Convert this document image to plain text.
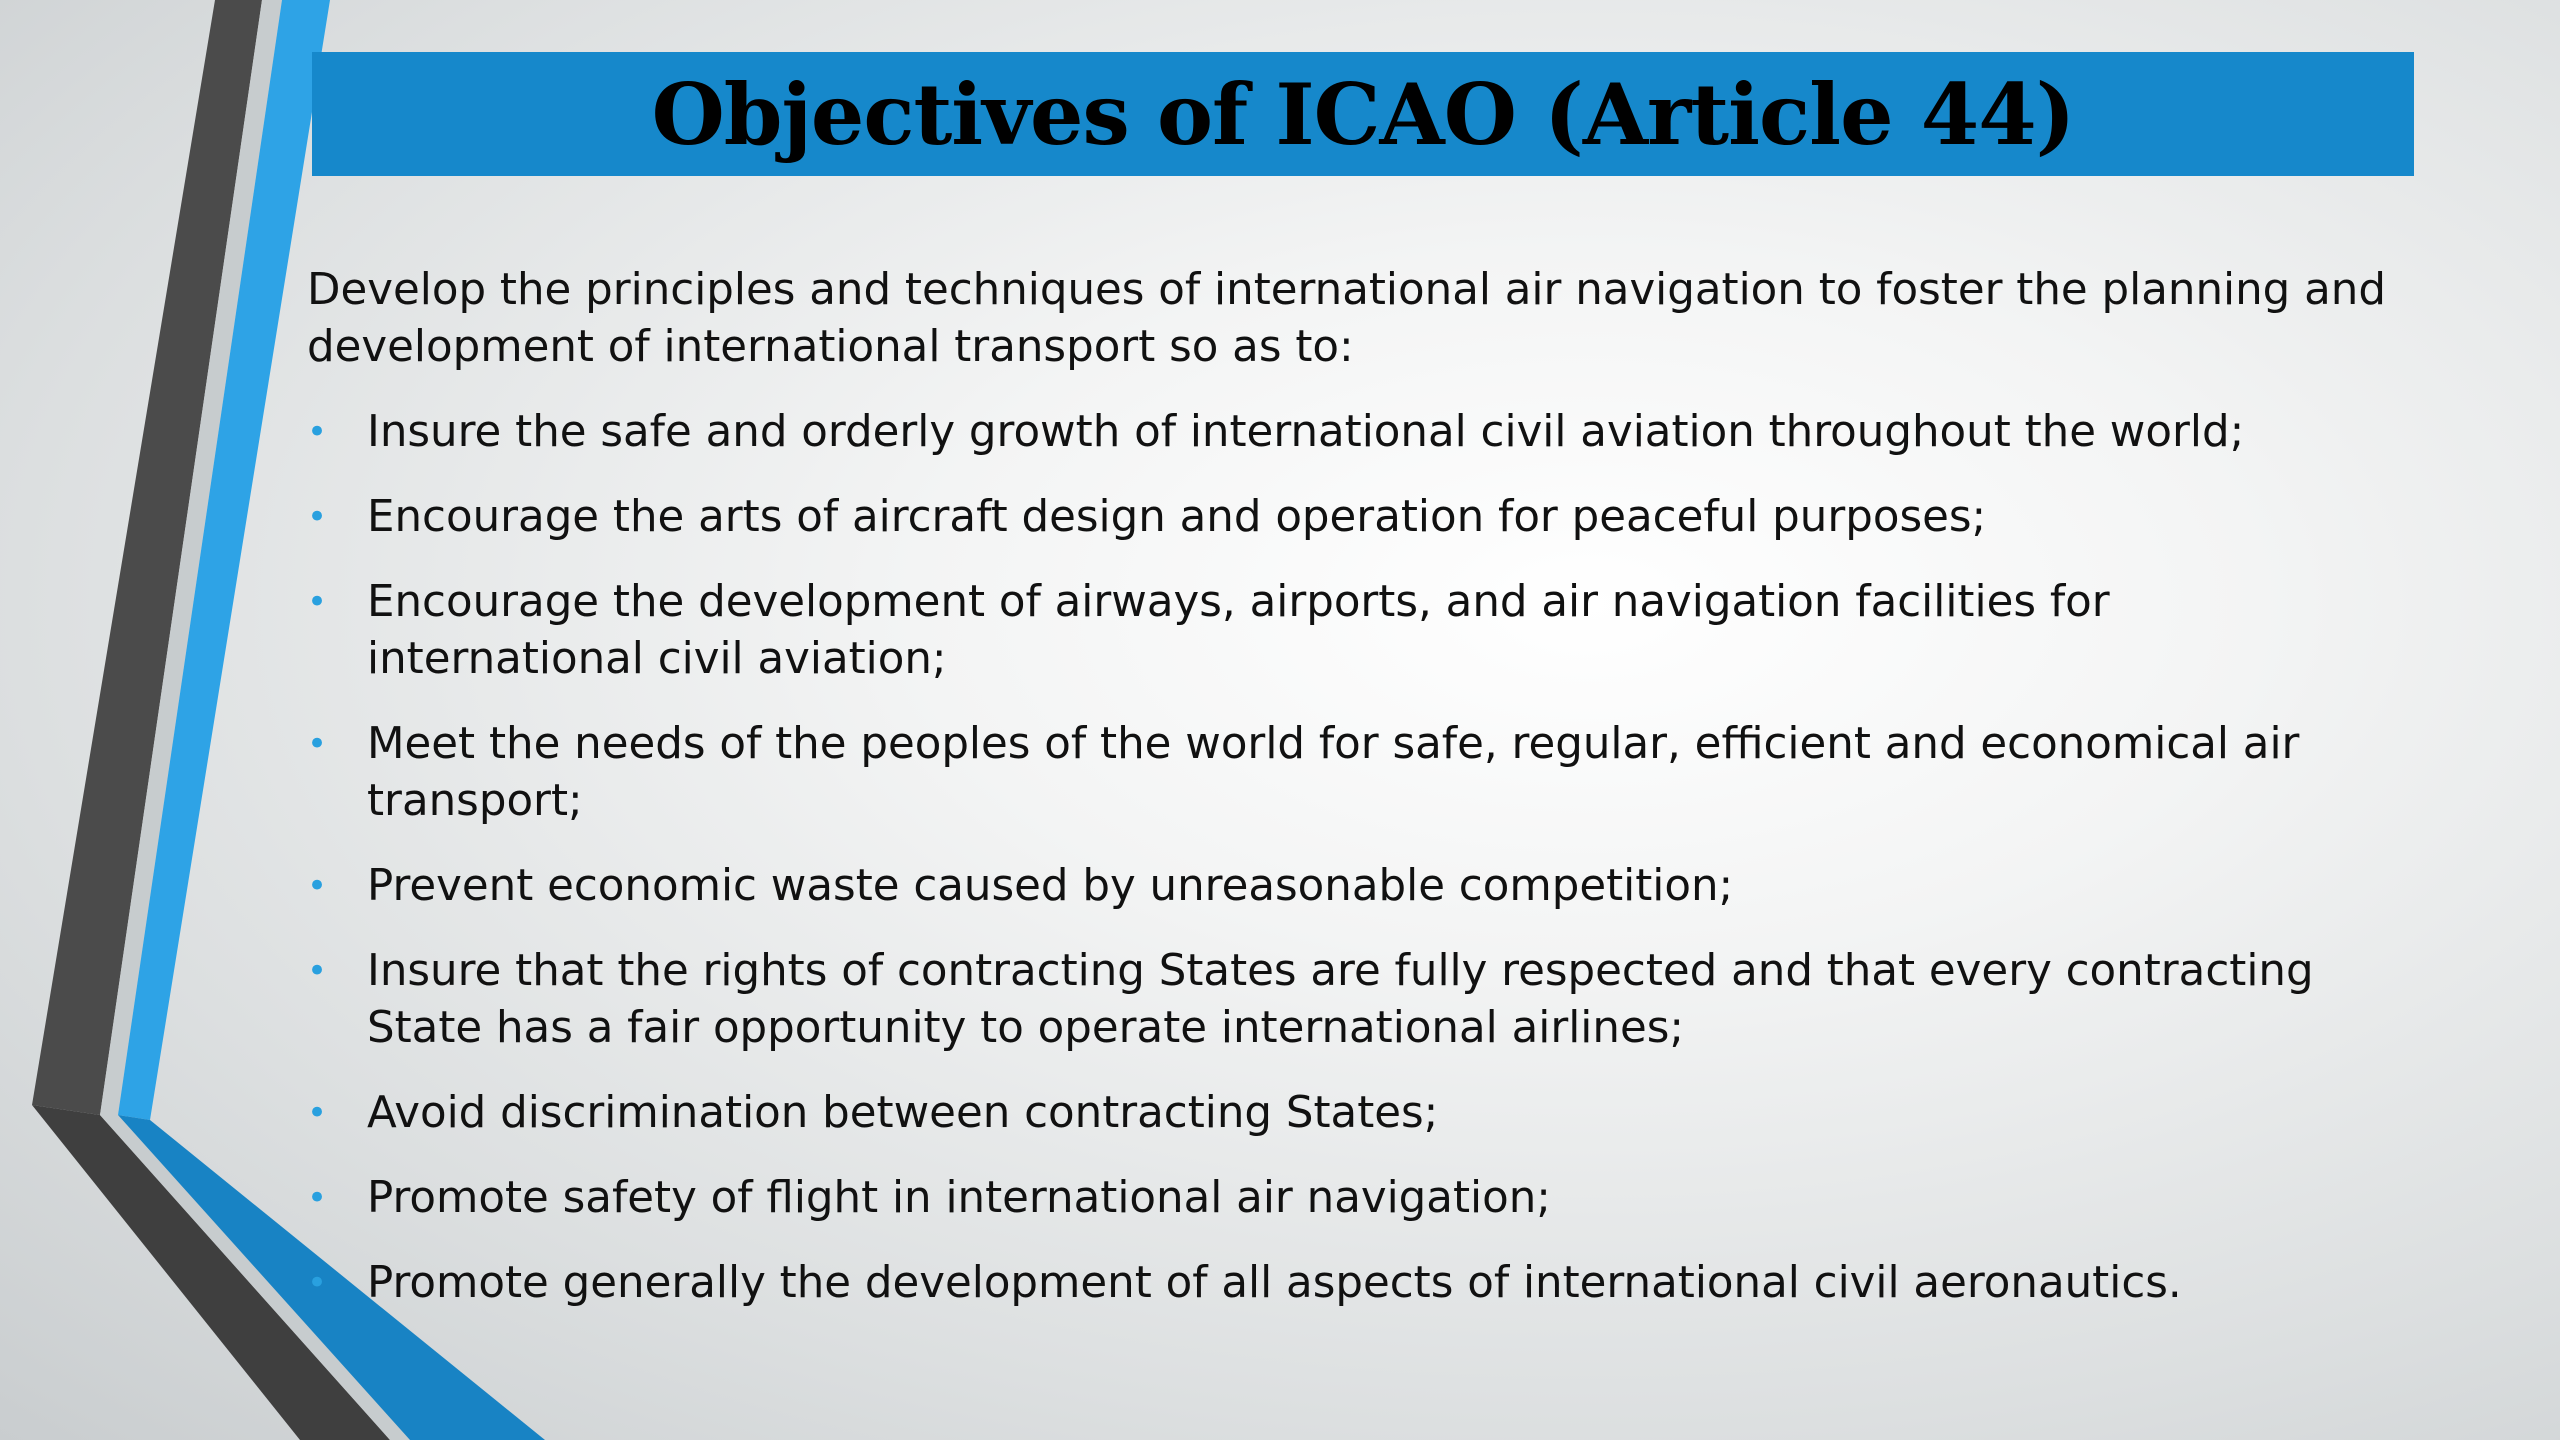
Objectives of ICAO (Article 44)

Develop the principles and techniques of international air navigation to foster the planning and development of international transport so as to:

• Insure the safe and orderly growth of international civil aviation throughout the world;
• Encourage the arts of aircraft design and operation for peaceful purposes;
• Encourage the development of airways, airports, and air navigation facilities for international civil aviation;
• Meet the needs of the peoples of the world for safe, regular, efficient and economical air transport;
• Prevent economic waste caused by unreasonable competition;
• Insure that the rights of contracting States are fully respected and that every contracting State has a fair opportunity to operate international airlines;
• Avoid discrimination between contracting States;
• Promote safety of flight in international air navigation;
• Promote generally the development of all aspects of international civil aeronautics.
